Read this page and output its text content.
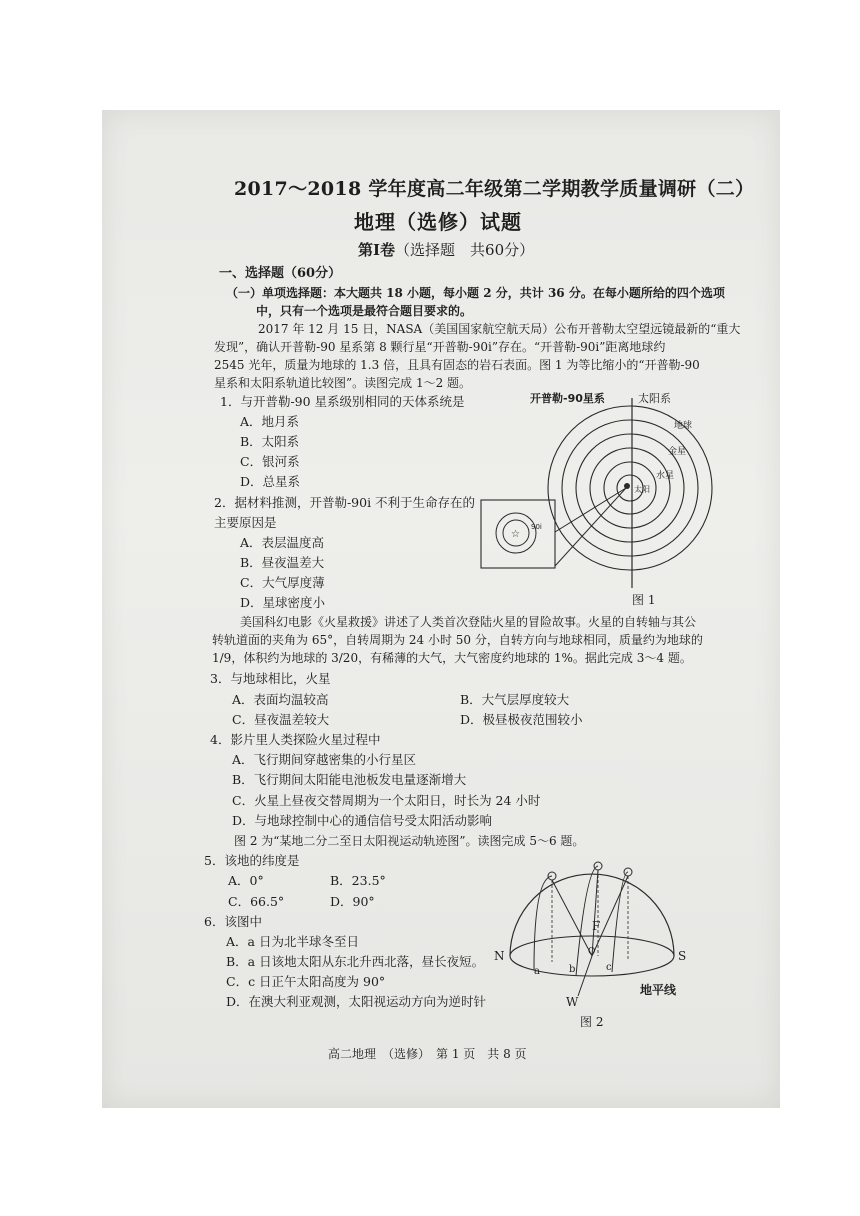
2017～2018 学年度高二年级第二学期教学质量调研（二）
地理（选修）试题
第Ⅰ卷（选择题　共60分）
一、选择题（60分）
（一）单项选择题：本大题共 18 小题，每小题 2 分，共计 36 分。在每小题所给的四个选项
中，只有一个选项是最符合题目要求的。
2017 年 12 月 15 日，NASA（美国国家航空航天局）公布开普勒太空望远镜最新的“重大
发现”，确认开普勒-90 星系第 8 颗行星“开普勒-90i”存在。“开普勒-90i”距离地球约
2545 光年，质量为地球的 1.3 倍，且具有固态的岩石表面。图 1 为等比缩小的“开普勒-90
星系和太阳系轨道比较图”。读图完成 1～2 题。
1．与开普勒-90 星系级别相同的天体系统是
A．地月系
B．太阳系
C．银河系
D．总星系
2．据材料推测，开普勒-90i 不利于生命存在的
主要原因是
A．表层温度高
B．昼夜温差大
C．大气厚度薄
D．星球密度小
☆
90i
开普勒-90星系	太阳系
地球
金星
水星
太阳
图 1
美国科幻电影《火星救援》讲述了人类首次登陆火星的冒险故事。火星的自转轴与其公
转轨道面的夹角为 65°，自转周期为 24 小时 50 分，自转方向与地球相同，质量约为地球的
1/9，体积约为地球的 3/20，有稀薄的大气，大气密度约地球的 1%。据此完成 3～4 题。
3．与地球相比，火星
A．表面均温较高	B．大气层厚度较大
C．昼夜温差较大	D．极昼极夜范围较小
4．影片里人类探险火星过程中
A．飞行期间穿越密集的小行星区
B．飞行期间太阳能电池板发电量逐渐增大
C．火星上昼夜交替周期为一个太阳日，时长为 24 小时
D．与地球控制中心的通信信号受太阳活动影响
图 2 为“某地二分二至日太阳视运动轨迹图”。读图完成 5～6 题。
5．该地的纬度是
A．0°	B．23.5°
C．66.5°	D．90°
6．该图中
A．a 日为北半球冬至日
B．a 日该地太阳从东北升西北落，昼长夜短。
C．c 日正午太阳高度为 90°
D．在澳大利亚观测，太阳视运动方向为逆时针
N	S
W
O
F
a	b	c
地平线
图 2
高二地理　（选修）　第 1 页　共 8 页
